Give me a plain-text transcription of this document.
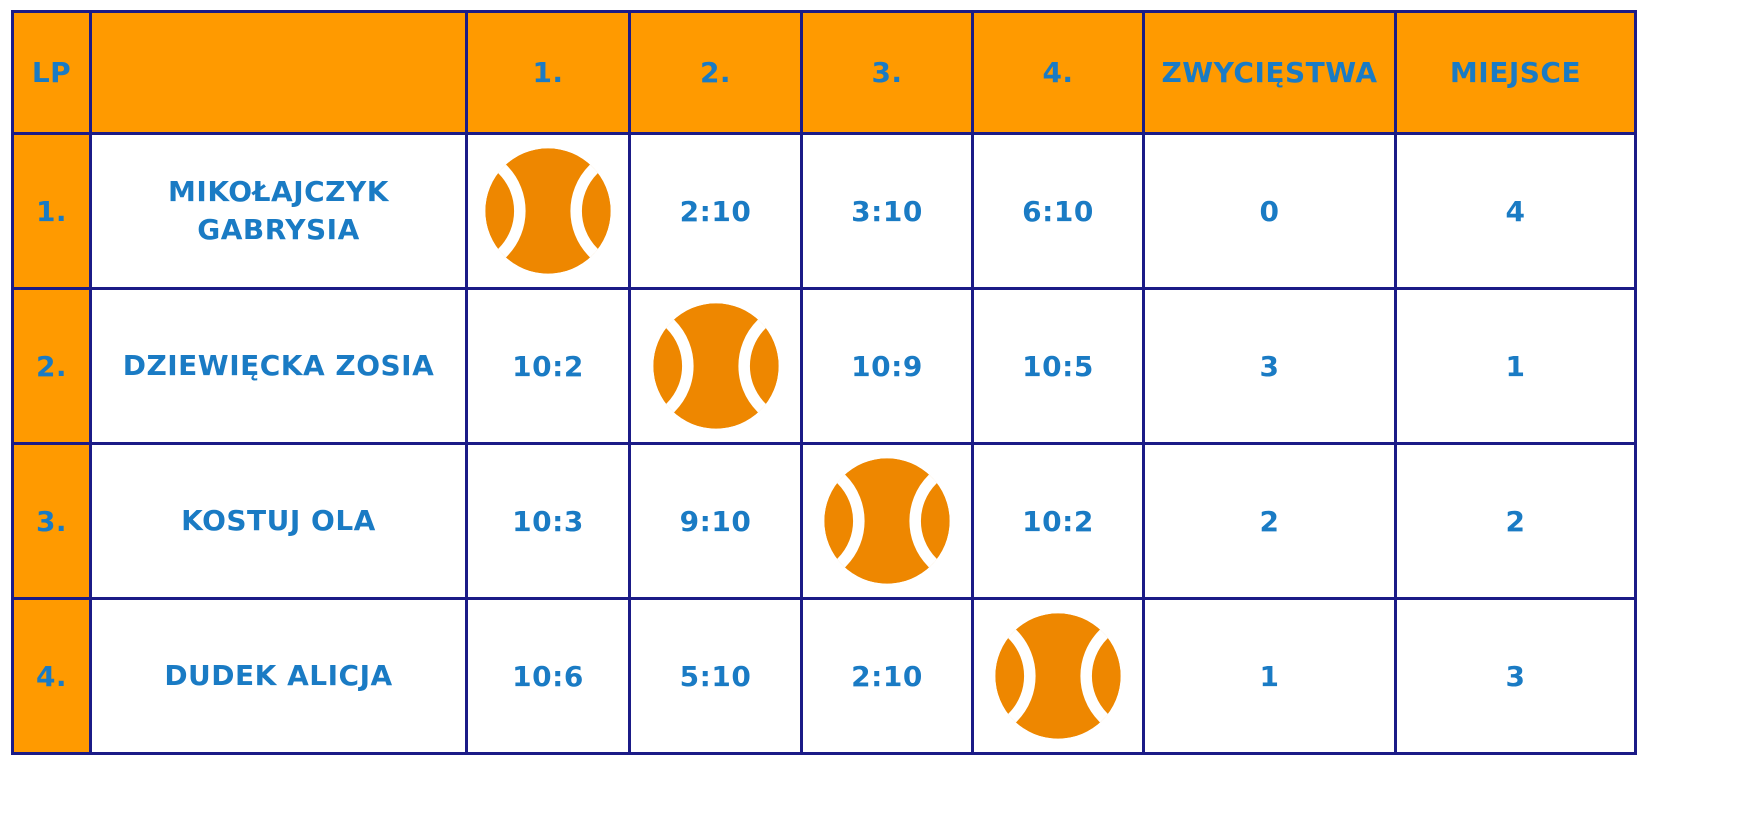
LP		1.	2.	3.	4.	ZWYCIĘSTWA	MIEJSCE
1.	MIKOŁAJCZYK GABRYSIA		2:10	3:10	6:10	0	4
2.	DZIEWIĘCKA ZOSIA	10:2		10:9	10:5	3	1
3.	KOSTUJ OLA	10:3	9:10		10:2	2	2
4.	DUDEK ALICJA	10:6	5:10	2:10		1	3
